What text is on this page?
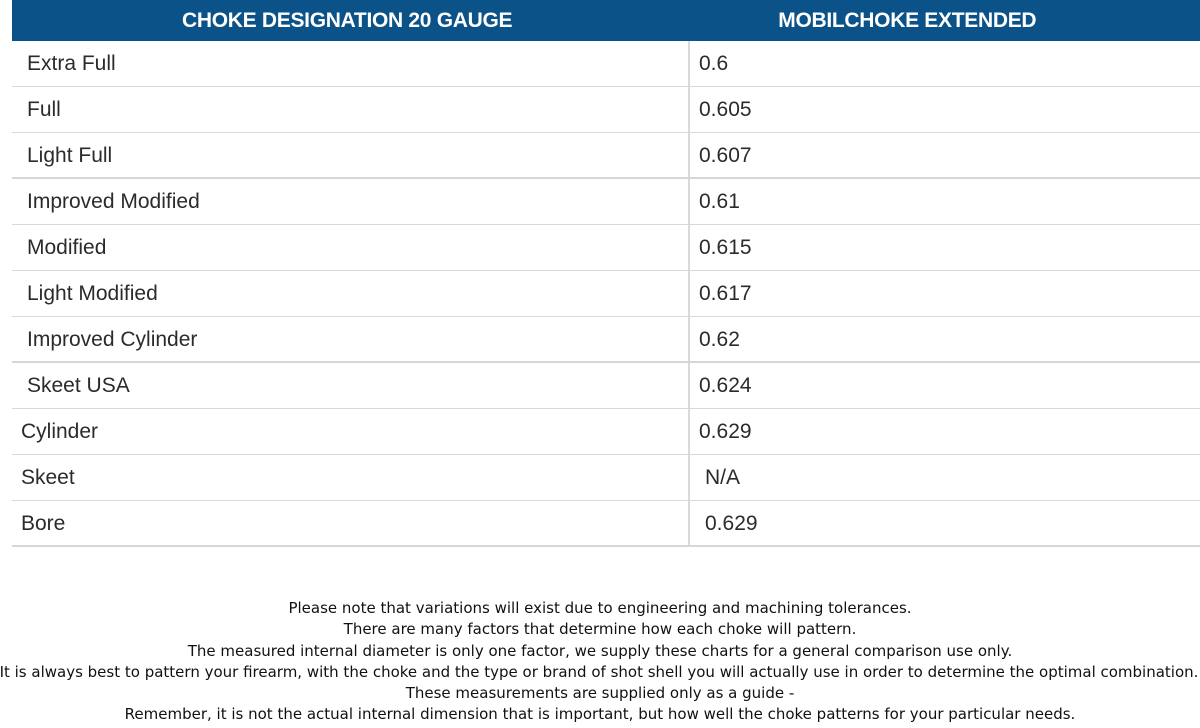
CHOKE DESIGNATION 20 GAUGE	MOBILCHOKE EXTENDED
Extra Full	0.6
Full	0.605
Light Full	0.607
Improved Modified	0.61
Modified	0.615
Light Modified	0.617
Improved Cylinder	0.62
Skeet USA	0.624
Cylinder	0.629
Skeet	N/A
Bore	0.629
Please note that variations will exist due to engineering and machining tolerances.
There are many factors that determine how each choke will pattern.
The measured internal diameter is only one factor, we supply these charts for a general comparison use only.
It is always best to pattern your firearm, with the choke and the type or brand of shot shell you will actually use in order to determine the optimal combination.
These measurements are supplied only as a guide -
Remember, it is not the actual internal dimension that is important, but how well the choke patterns for your particular needs.
